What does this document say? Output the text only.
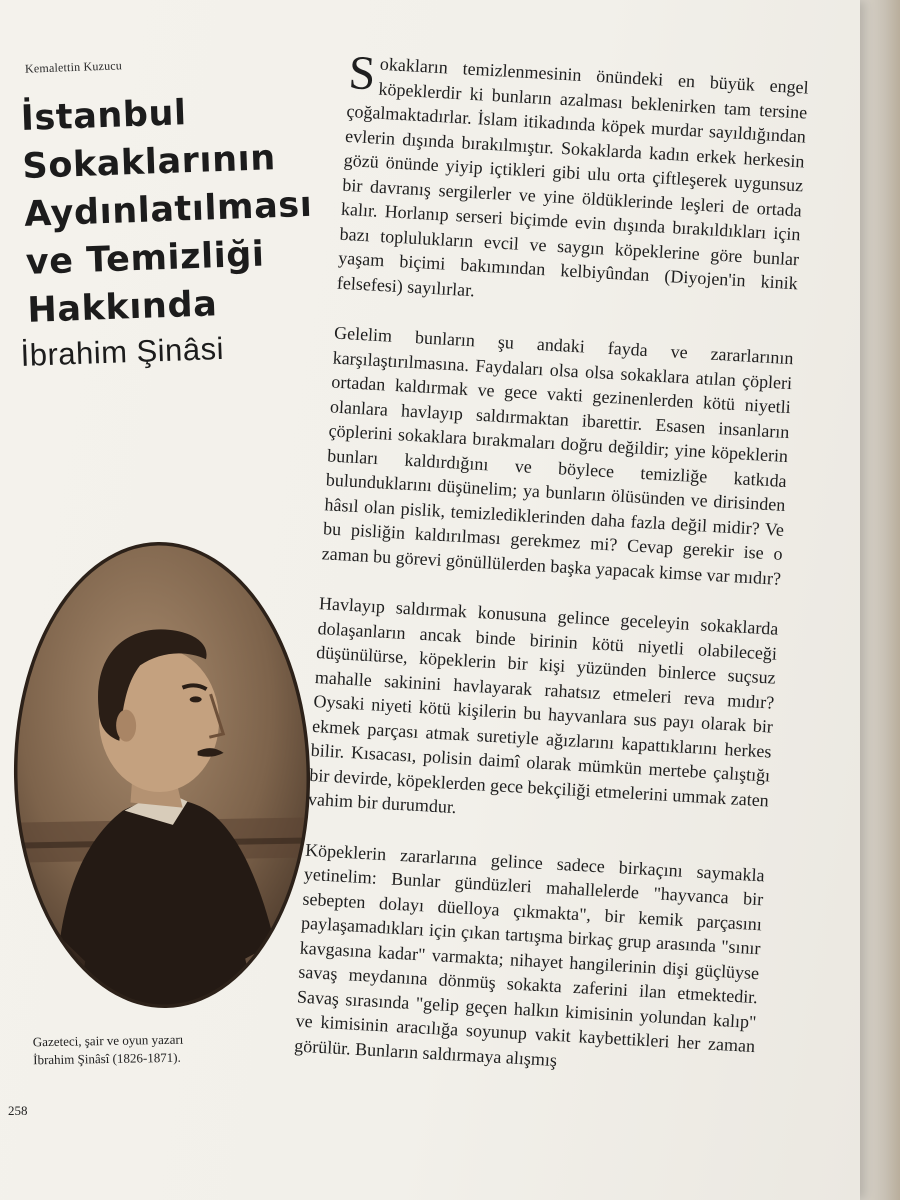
Kemalettin Kuzucu
İstanbul
Sokaklarının
Aydınlatılması
ve Temizliği
Hakkında
İbrahim Şinâsi
Gazeteci, şair ve oyun yazarı
İbrahim Şinâsî (1826-1871).
258

Sokakların temizlenmesinin önündeki en büyük engel köpeklerdir ki bunların azalması beklenirken tam tersine çoğalmaktadırlar. İslam itikadında köpek murdar sayıldığından evlerin dışında bırakılmıştır. Sokaklarda kadın erkek herkesin gözü önünde yiyip içtikleri gibi ulu orta çiftleşerek uygunsuz bir davranış sergilerler ve yine öldüklerinde leşleri de ortada kalır. Horlanıp serseri biçimde evin dışında bırakıldıkları için bazı toplulukların evcil ve saygın köpeklerine göre bunlar yaşam biçimi bakımından kelbiyûndan (Diyojen'in kinik felsefesi) sayılırlar.

Gelelim bunların şu andaki fayda ve zararlarının karşılaştırılmasına. Faydaları olsa olsa sokaklara atılan çöpleri ortadan kaldırmak ve gece vakti gezinenlerden kötü niyetli olanlara havlayıp saldırmaktan ibarettir. Esasen insanların çöplerini sokaklara bırakmaları doğru değildir; yine köpeklerin bunları kaldırdığını ve böylece temizliğe katkıda bulunduklarını düşünelim; ya bunların ölüsünden ve dirisinden hâsıl olan pislik, temizlediklerinden daha fazla değil midir? Ve bu pisliğin kaldırılması gerekmez mi? Cevap gerekir ise o zaman bu görevi gönüllülerden başka yapacak kimse var mıdır?

Havlayıp saldırmak konusuna gelince geceleyin sokaklarda dolaşanların ancak binde birinin kötü niyetli olabileceği düşünülürse, köpeklerin bir kişi yüzünden binlerce suçsuz mahalle sakinini havlayarak rahatsız etmeleri reva mıdır? Oysaki niyeti kötü kişilerin bu hayvanlara sus payı olarak bir ekmek parçası atmak suretiyle ağızlarını kapattıklarını herkes bilir. Kısacası, polisin daimî olarak mümkün mertebe çalıştığı bir devirde, köpeklerden gece bekçiliği etmelerini ummak zaten vahim bir durumdur.

Köpeklerin zararlarına gelince sadece birkaçını saymakla yetinelim: Bunlar gündüzleri mahallelerde "hayvanca bir sebepten dolayı düelloya çıkmakta", bir kemik parçasını paylaşamadıkları için çıkan tartışma birkaç grup arasında "sınır kavgasına kadar" varmakta; nihayet hangilerinin dişi güçlüyse savaş meydanına dönmüş sokakta zaferini ilan etmektedir. Savaş sırasında "gelip geçen halkın kimisinin yolundan kalıp" ve kimisinin aracılığa soyunup vakit kaybettikleri her zaman görülür. Bunların saldırmaya alışmış
